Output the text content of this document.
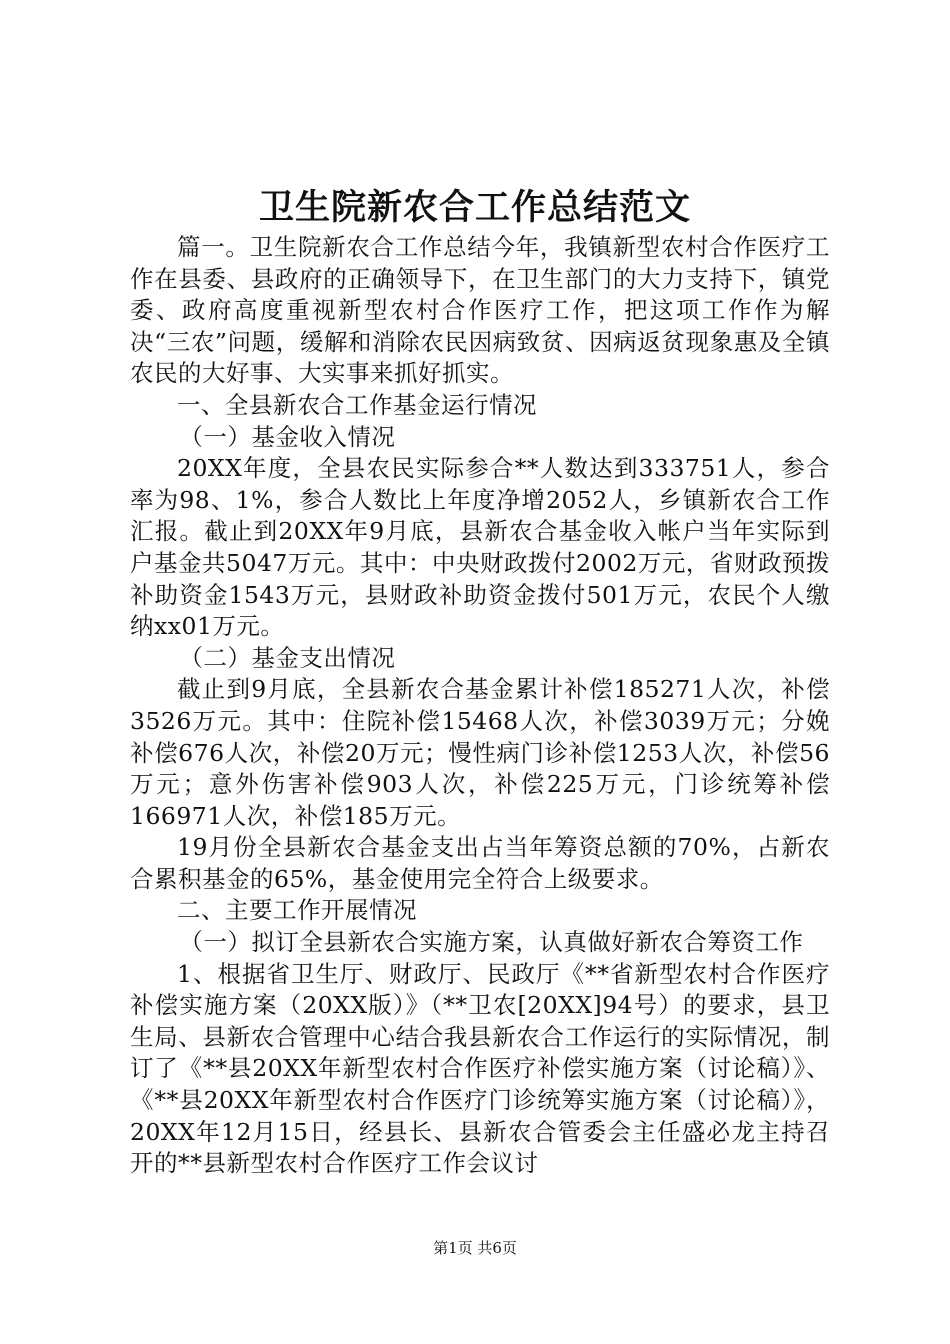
卫生院新农合工作总结范文

篇一。卫生院新农合工作总结今年，我镇新型农村合作医疗工作在县委、县政府的正确领导下，在卫生部门的大力支持下，镇党委、政府高度重视新型农村合作医疗工作，把这项工作作为解决“三农”问题，缓解和消除农民因病致贫、因病返贫现象惠及全镇农民的大好事、大实事来抓好抓实。

一、全县新农合工作基金运行情况

（一）基金收入情况

20XX年度，全县农民实际参合**人数达到333751人，参合率为98、1%，参合人数比上年度净增2052人，乡镇新农合工作汇报。截止到20XX年9月底，县新农合基金收入帐户当年实际到户基金共5047万元。其中：中央财政拨付2002万元，省财政预拨补助资金1543万元，县财政补助资金拨付501万元，农民个人缴纳xx01万元。

（二）基金支出情况

截止到9月底，全县新农合基金累计补偿185271人次，补偿3526万元。其中：住院补偿15468人次，补偿3039万元；分娩补偿676人次，补偿20万元；慢性病门诊补偿1253人次，补偿56万元；意外伤害补偿903人次，补偿225万元，门诊统筹补偿166971人次，补偿185万元。

19月份全县新农合基金支出占当年筹资总额的70%，占新农合累积基金的65%，基金使用完全符合上级要求。

二、主要工作开展情况

（一）拟订全县新农合实施方案，认真做好新农合筹资工作

1、根据省卫生厅、财政厅、民政厅《**省新型农村合作医疗补偿实施方案（20XX版）》（**卫农[20XX]94号）的要求，县卫生局、县新农合管理中心结合我县新农合工作运行的实际情况，制订了《**县20XX年新型农村合作医疗补偿实施方案（讨论稿）》、《**县20XX年新型农村合作医疗门诊统筹实施方案（讨论稿）》，20XX年12月15日，经县长、县新农合管委会主任盛必龙主持召开的**县新型农村合作医疗工作会议讨

第1页 共6页
